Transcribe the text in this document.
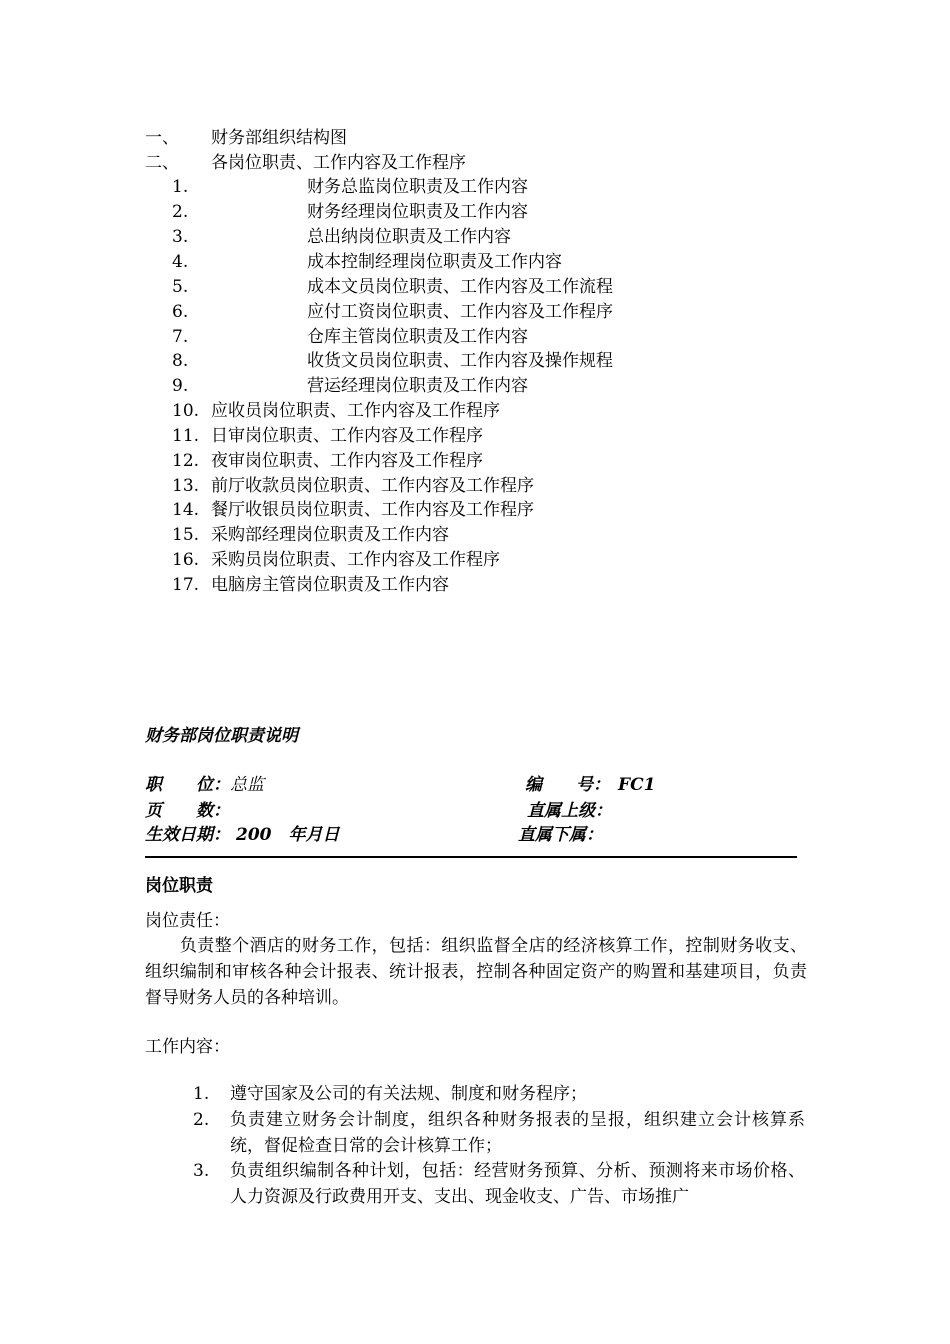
一、 财务部组织结构图
二、 各岗位职责、工作内容及工作程序
1.	财务总监岗位职责及工作内容
2.	财务经理岗位职责及工作内容
3.	总出纳岗位职责及工作内容
4.	成本控制经理岗位职责及工作内容
5.	成本文员岗位职责、工作内容及工作流程
6.	应付工资岗位职责、工作内容及工作程序
7.	仓库主管岗位职责及工作内容
8.	收货文员岗位职责、工作内容及操作规程
9.	营运经理岗位职责及工作内容
10. 应收员岗位职责、工作内容及工作程序
11. 日审岗位职责、工作内容及工作程序
12. 夜审岗位职责、工作内容及工作程序
13. 前厅收款员岗位职责、工作内容及工作程序
14. 餐厅收银员岗位职责、工作内容及工作程序
15. 采购部经理岗位职责及工作内容
16. 采购员岗位职责、工作内容及工作程序
17. 电脑房主管岗位职责及工作内容
财务部岗位职责说明
职　　位：总监	编　　号： FC1
页　　数：	直属上级：
生效日期： 200　年月日	直属下属：
岗位职责
岗位责任：
　　负责整个酒店的财务工作，包括：组织监督全店的经济核算工作，控制财务收支、组织编制和审核各种会计报表、统计报表，控制各种固定资产的购置和基建项目，负责督导财务人员的各种培训。
工作内容：
1. 遵守国家及公司的有关法规、制度和财务程序；
2. 负责建立财务会计制度，组织各种财务报表的呈报，组织建立会计核算系统，督促检查日常的会计核算工作；
3. 负责组织编制各种计划，包括：经营财务预算、分析、预测将来市场价格、人力资源及行政费用开支、支出、现金收支、广告、市场推广
